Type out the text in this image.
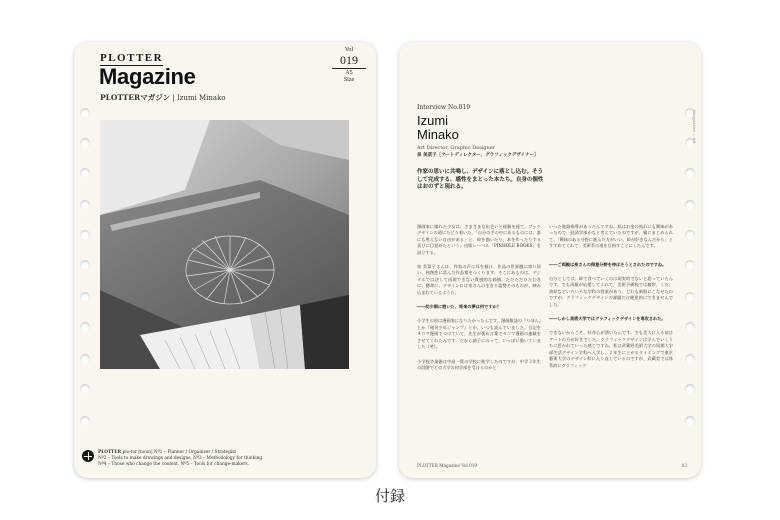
PLOTTER
Magazine
PLOTTERマガジン | Izumi Minako
Vol
019
A5
Size
PLOTTER plo-tər [noun] Nº1 – Planner / Organizer / Strategist
Nº2 – Tools to make drawings and designs. Nº3 – Methodology for thinking.
Nº4 – Those who change the context. Nº5 – Tools for change-makers.
Interview No.019
Izumi
Minako
Art Director, Graphic Designer
泉 美菜子［アートディレクター、グラフィックデザイナー］
作家の思いに共鳴し、デザインに落とし込む。そうして完成する、感性をまとった本たち。自身の個性はおのずと現れる。

漫画家に憧れた少女は、さまざまな出会いと経験を経て、ブックデザインの道にたどり着いた。「自分の手の中にあるものには、誰にも奪えない自由がある」と、絵を描いたり、本を作ったりする喜びに目覚めたという。出版レーベル「PINHOLE BOOKS」を設立する。

泉 美菜子さんは、作家の声に耳を傾け、作品の世界観に寄り添い、独創性に富んだ作品集をつくります。そこにあるのは、デジタルでは決して再現できない質感的な価値。ただただひたむきに、懸命に、デザインには泉さんの生きる姿勢そのものが、映み込まれているようだ。

――幼少期に抱いた、将来の夢は何ですか？

小学生の頃は漫画家になりたかったんです。漫画雑誌の『りぼん』とか『週刊少年ジャンプ』とか、いつも読んでいました。日記を４コマ漫画でつけていて、先生が褒め言葉で４コマ漫画の連載をさせてくれたんです。だから調子にのって、いっぱい描いていました（笑）。

小学校卒業後は中高一貫の学校に進学したのですが、中学３年生の段階でどの大学の何学部を受けるのかと

いった進路指導があったんですね。私はお金の流れにも興味があったので、経済学部かなと考えていたのですが、親にまじめられて。「興味のある分野に進んだ方がいい。絵が好きなんだから」とすすめてくれて、美術系の道を目指すことにしたんです。

――ご両親は泉さんの得意分野を伸ばそうとされたのですね。

自分としては、絵で食べていくのは現実的でないと思っていたんです。でも両親が応援してくれて、美術予備校では観察、くだ、油絵などいろいろな学科の授業があり、どれも新鮮にこなせたのですが、グラフィックデザインの課題だけ絶望的にできませんでした。

――しかし美術大学ではグラフィックデザインを専攻された。

できないからこそ、好奇心が湧いたんです。でも美大に入る前はアートの方が好きでした。グラフィックデザインは学んでいくうちに惹かれていった感じですね。私は武蔵野美術大学の短期大学部生活デザイン学科へ入学し、２年生に上がるタイミングで東京藝術大学のデザイン科に入り直しているのですが、武蔵美では体系的にグラフィック

Magazine – A5
PLOTTER Magazine Vol.019	03
付録
